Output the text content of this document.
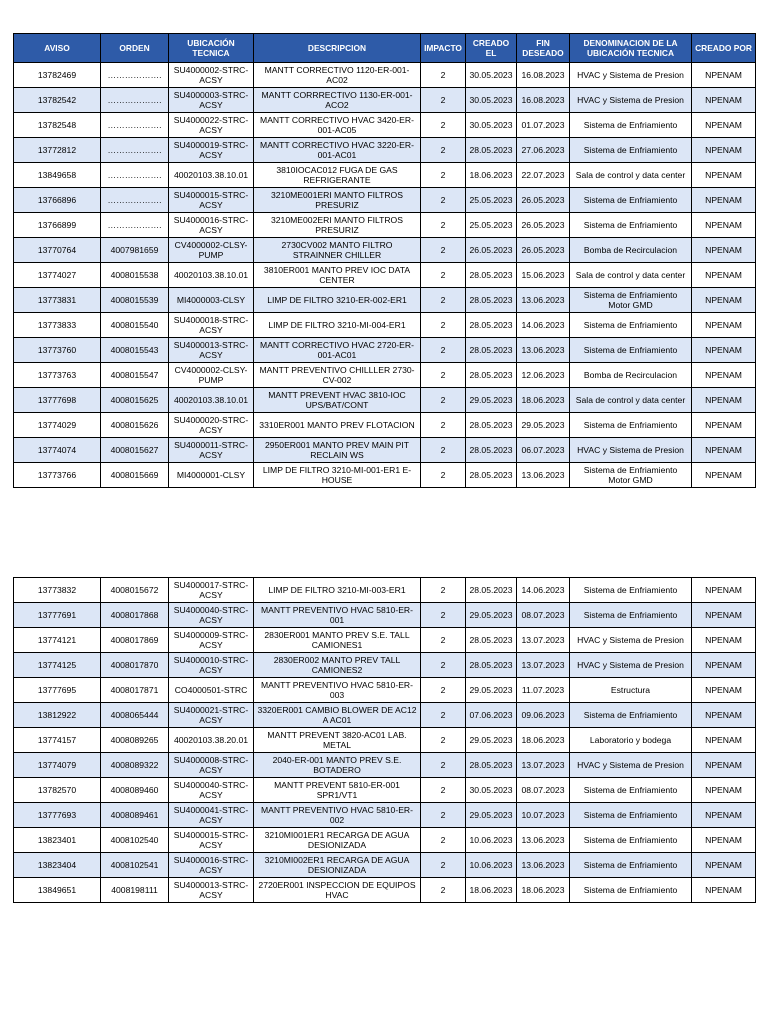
AVISO	ORDEN	UBICACIÓN TECNICA	DESCRIPCION	IMPACTO	CREADO EL	FIN DESEADO	DENOMINACION DE LA UBICACIÓN TECNICA	CREADO POR
13782469	……………….	SU4000002-STRC-ACSY	MANTT CORRECTIVO 1120-ER-001-AC02	2	30.05.2023	16.08.2023	HVAC y Sistema de Presion	NPENAM
13782542	……………….	SU4000003-STRC-ACSY	MANTT CORRRECTIVO 1130-ER-001-ACO2	2	30.05.2023	16.08.2023	HVAC y Sistema de Presion	NPENAM
13782548	……………….	SU4000022-STRC-ACSY	MANTT CORRECTIVO HVAC 3420-ER-001-AC05	2	30.05.2023	01.07.2023	Sistema de Enfriamiento	NPENAM
13772812	……………….	SU4000019-STRC-ACSY	MANTT CORRECTIVO HVAC 3220-ER-001-AC01	2	28.05.2023	27.06.2023	Sistema de Enfriamiento	NPENAM
13849658	……………….	40020103.38.10.01	3810IOCAC012 FUGA DE GAS REFRIGERANTE	2	18.06.2023	22.07.2023	Sala de control y data center	NPENAM
13766896	……………….	SU4000015-STRC-ACSY	3210ME001ERI MANTO FILTROS PRESURIZ	2	25.05.2023	26.05.2023	Sistema de Enfriamiento	NPENAM
13766899	……………….	SU4000016-STRC-ACSY	3210ME002ERI MANTO FILTROS PRESURIZ	2	25.05.2023	26.05.2023	Sistema de Enfriamiento	NPENAM
13770764	4007981659	CV4000002-CLSY-PUMP	2730CV002 MANTO FILTRO STRAINNER CHILLER	2	26.05.2023	26.05.2023	Bomba de Recirculacion	NPENAM
13774027	4008015538	40020103.38.10.01	3810ER001 MANTO PREV IOC DATA CENTER	2	28.05.2023	15.06.2023	Sala de control y data center	NPENAM
13773831	4008015539	MI4000003-CLSY	LIMP DE FILTRO 3210-ER-002-ER1	2	28.05.2023	13.06.2023	Sistema de Enfriamiento Motor GMD	NPENAM
13773833	4008015540	SU4000018-STRC-ACSY	LIMP DE FILTRO 3210-MI-004-ER1	2	28.05.2023	14.06.2023	Sistema de Enfriamiento	NPENAM
13773760	4008015543	SU4000013-STRC-ACSY	MANTT CORRECTIVO HVAC 2720-ER-001-AC01	2	28.05.2023	13.06.2023	Sistema de Enfriamiento	NPENAM
13773763	4008015547	CV4000002-CLSY-PUMP	MANTT PREVENTIVO CHILLLER 2730-CV-002	2	28.05.2023	12.06.2023	Bomba de Recirculacion	NPENAM
13777698	4008015625	40020103.38.10.01	MANTT PREVENT HVAC 3810-IOC UPS/BAT/CONT	2	29.05.2023	18.06.2023	Sala de control y data center	NPENAM
13774029	4008015626	SU4000020-STRC-ACSY	3310ER001 MANTO PREV FLOTACION	2	28.05.2023	29.05.2023	Sistema de Enfriamiento	NPENAM
13774074	4008015627	SU4000011-STRC-ACSY	2950ER001 MANTO PREV MAIN PIT RECLAIN WS	2	28.05.2023	06.07.2023	HVAC y Sistema de Presion	NPENAM
13773766	4008015669	MI4000001-CLSY	LIMP DE FILTRO 3210-MI-001-ER1 E-HOUSE	2	28.05.2023	13.06.2023	Sistema de Enfriamiento Motor GMD	NPENAM
13773832	4008015672	SU4000017-STRC-ACSY	LIMP DE FILTRO 3210-MI-003-ER1	2	28.05.2023	14.06.2023	Sistema de Enfriamiento	NPENAM
13777691	4008017868	SU4000040-STRC-ACSY	MANTT PREVENTIVO HVAC 5810-ER-001	2	29.05.2023	08.07.2023	Sistema de Enfriamiento	NPENAM
13774121	4008017869	SU4000009-STRC-ACSY	2830ER001 MANTO PREV S.E. TALL CAMIONES1	2	28.05.2023	13.07.2023	HVAC y Sistema de Presion	NPENAM
13774125	4008017870	SU4000010-STRC-ACSY	2830ER002 MANTO PREV TALL CAMIONES2	2	28.05.2023	13.07.2023	HVAC y Sistema de Presion	NPENAM
13777695	4008017871	CO4000501-STRC	MANTT PREVENTIVO HVAC 5810-ER-003	2	29.05.2023	11.07.2023	Estructura	NPENAM
13812922	4008065444	SU4000021-STRC-ACSY	3320ER001 CAMBIO BLOWER DE AC12 A AC01	2	07.06.2023	09.06.2023	Sistema de Enfriamiento	NPENAM
13774157	4008089265	40020103.38.20.01	MANTT PREVENT 3820-AC01 LAB. METAL	2	29.05.2023	18.06.2023	Laboratorio y bodega	NPENAM
13774079	4008089322	SU4000008-STRC-ACSY	2040-ER-001 MANTO PREV S.E. BOTADERO	2	28.05.2023	13.07.2023	HVAC y Sistema de Presion	NPENAM
13782570	4008089460	SU4000040-STRC-ACSY	MANTT PREVENT 5810-ER-001 SPR1/VT1	2	30.05.2023	08.07.2023	Sistema de Enfriamiento	NPENAM
13777693	4008089461	SU4000041-STRC-ACSY	MANTT PREVENTIVO HVAC 5810-ER-002	2	29.05.2023	10.07.2023	Sistema de Enfriamiento	NPENAM
13823401	4008102540	SU4000015-STRC-ACSY	3210MI001ER1 RECARGA DE AGUA DESIONIZADA	2	10.06.2023	13.06.2023	Sistema de Enfriamiento	NPENAM
13823404	4008102541	SU4000016-STRC-ACSY	3210MI002ER1 RECARGA DE AGUA DESIONIZADA	2	10.06.2023	13.06.2023	Sistema de Enfriamiento	NPENAM
13849651	4008198111	SU4000013-STRC-ACSY	2720ER001 INSPECCION DE EQUIPOS HVAC	2	18.06.2023	18.06.2023	Sistema de Enfriamiento	NPENAM
